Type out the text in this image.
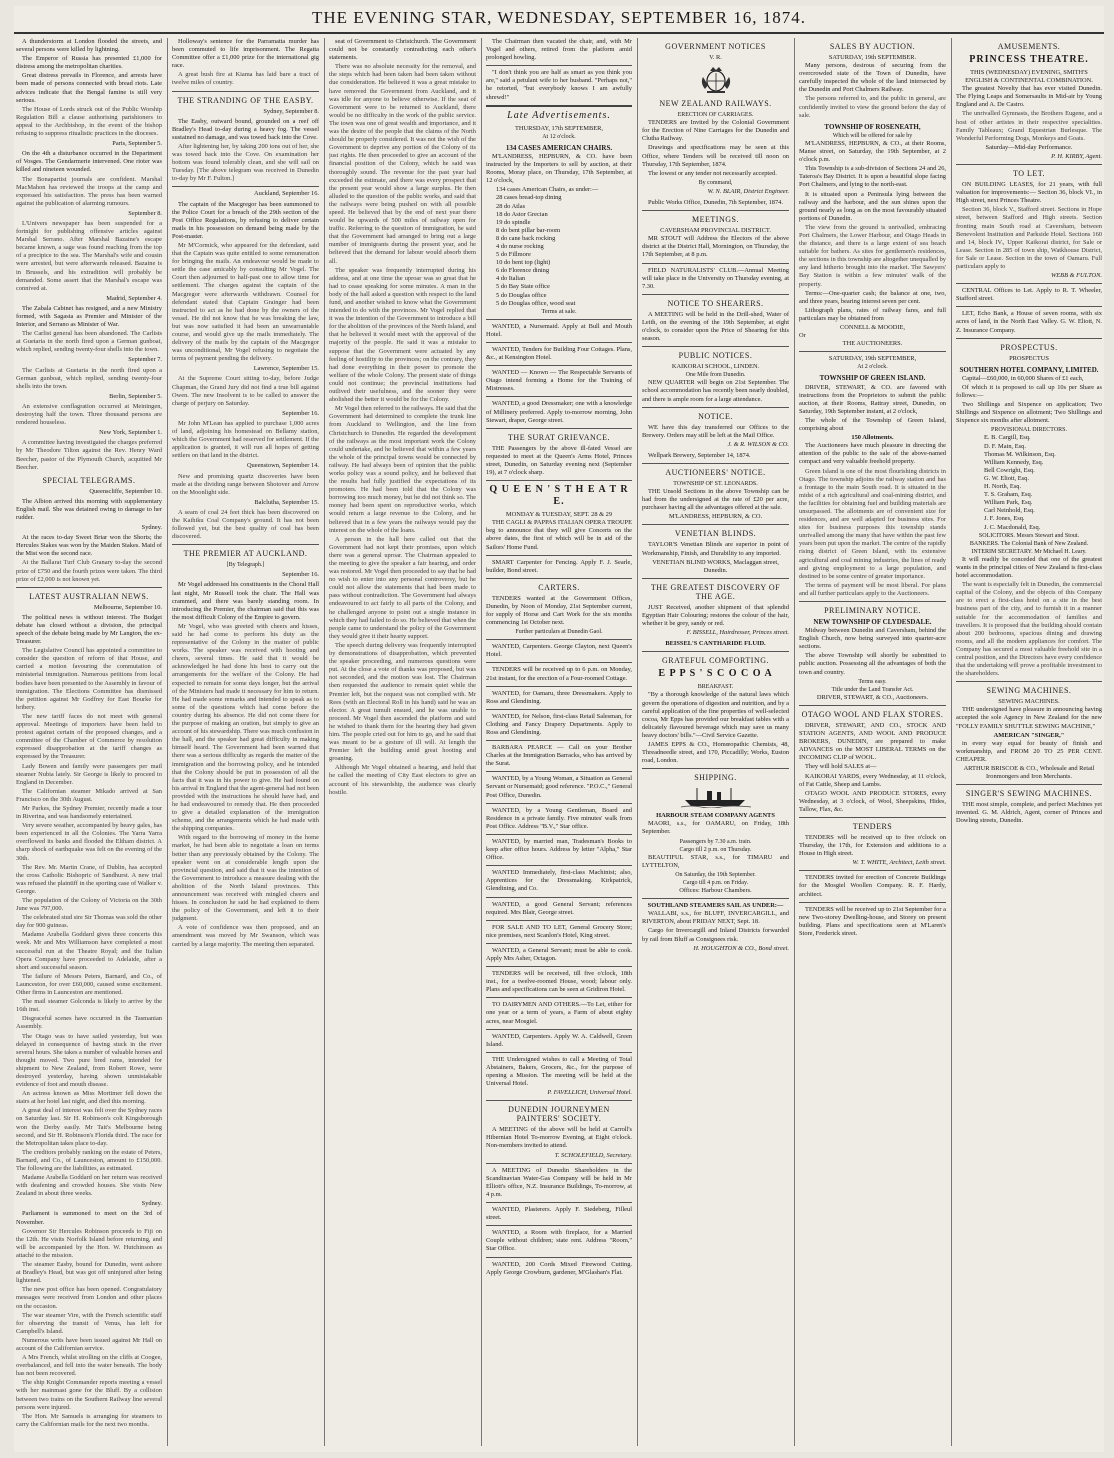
THE EVENING STAR, WEDNESDAY, SEPTEMBER 16, 1874.

A thunderstorm at London flooded the streets, and several persons were killed by lightning.

The Emperor of Russia has presented £1,000 for distress among the metropolitan charities.

Great distress prevails in Florence, and arrests have been made of persons connected with bread riots. Late advices indicate that the Bengal famine is still very serious.

The House of Lords struck out of the Public Worship Regulation Bill a clause authorising parishioners to appeal to the Archbishop, in the event of the bishop refusing to suppress ritualistic practices in the dioceses.

Paris, September 5.

On the 4th a disturbance occurred in the Department of Vosges. The Gendarmerie intervened. One rioter was killed and nineteen wounded.

The Bonapartist journals are confident. Marshal MacMahon has reviewed the troops at the camp and expressed his satisfaction. The press has been warned against the publication of alarming rumours.

September 8.

L'Univers newspaper has been suspended for a fortnight for publishing offensive articles against Marshal Serrano. After Marshal Bazaine's escape became known, a sage was found reaching from the top of a precipice to the sea. The Marshal's wife and cousin were arrested, but were afterwards released. Bazaine is in Brussels, and his extradition will probably be demanded. Some assert that the Marshal's escape was connived at.

Madrid, September 4.

The Zabala Cabinet has resigned, and a new Ministry formed, with Sagasta as Premier and Minister of the Interior, and Serrano as Minister of War.

The Carlist general has been abandoned. The Carlists at Guetaria in the north fired upon a German gunboat, which replied, sending twenty-four shells into the town.

September 7.

The Carlists at Guetaria in the north fired upon a German gunboat, which replied, sending twenty-four shells into the town.

Berlin, September 5.

An extensive conflagration occurred at Meiningen, destroying half the town. Three thousand persons are rendered houseless.

New York, September 1.

A committee having investigated the charges preferred by Mr Theodore Tilton against the Rev. Henry Ward Beecher, pastor of the Plymouth Church, acquitted Mr Beecher.

SPECIAL TELEGRAMS.
Queenscliffe, September 10.

The Albion arrived this morning with supplementary English mail. She was detained owing to damage to her rudder.

Sydney.

At the races to-day Sweet Briar won the Shorts; the Hercules Stakes was won by the Maiden Stakes. Maid of the Mist won the second race.

At the Ballarat Turf Club Granary to-day the second prize of £750 and the fourth prizes were taken. The third prize of £2,000 is not known yet.

LATEST AUSTRALIAN NEWS.
Melbourne, September 10.

The political news is without interest. The Budget debate has closed without a division, the principal speech of the debate being made by Mr Langton, the ex-Treasurer.

The Legislative Council has appointed a committee to consider the question of reform of that House, and carried a motion favouring the commutation of ministerial immigration. Numerous petitions from local bodies have been presented to the Assembly in favour of immigration. The Elections Committee has dismissed the petition against Mr Godfrey for East Bourke for bribery.

The new tariff faces do not meet with general approval. Meetings of importers have been held to protest against certain of the proposed changes, and a committee of the Chamber of Commerce by resolution expressed disapprobation at the tariff changes as expressed by the Treasurer.

Lady Bowen and family were passengers per mail steamer Nubia lately. Sir George is likely to proceed to England in December.

The Californian steamer Mikado arrived at San Francisco on the 30th August.

Mr Parkes, the Sydney Premier, recently made a tour in Riverina, and was handsomely entertained.

Very severe weather, accompanied by heavy gales, has been experienced in all the Colonies. The Yarra Yarra overflowed its banks and flooded the Eltham district. A sharp shock of earthquake was felt on the evening of the 30th.

The Rev. Mr. Martin Crane, of Dublin, has accepted the cross Catholic Bishopric of Sandhurst. A new trial was refused the plaintiff in the sporting case of Walker v. George.

The population of the Colony of Victoria on the 30th June was 797,000.

The celebrated stud sire Sir Thomas was sold the other day for 900 guineas.

Madame Arabella Goddard gives three concerts this week. Mr and Mrs Williamson have completed a most successful run at the Theatre Royal; and the Italian Opera Company have proceeded to Adelaide, after a short and successful season.

The failure of Messrs Peters, Barnard, and Co., of Launceston, for over £60,000, caused some excitement. Other firms in Launceston are mentioned.

The mail steamer Golconda is likely to arrive by the 16th inst.

Disgraceful scenes have occurred in the Tasmanian Assembly.

The Otago was to have sailed yesterday, but was delayed in consequence of having stuck in the river several hours. She takes a number of valuable horses and thought moved. Two pure bred rams, intended for shipment to New Zealand, from Robert Rowe, were destroyed yesterday, having shown unmistakable evidence of foot and mouth disease.

An actress known as Miss Mortimer fell down the stairs at her hotel last night, and died this morning.

A great deal of interest was felt over the Sydney races on Saturday last. Sir H. Robinson's colt Kingsborough won the Derby easily. Mr Tait's Melbourne being second, and Sir H. Robinson's Florida third. The race for the Metropolitan takes place to-day.

The creditors probably ranking on the estate of Peters, Barnard, and Co., of Launceston, amount to £150,000. The following are the liabilities, as estimated.

Madame Arabella Goddard on her return was received with deafening and crowded houses. She visits New Zealand in about three weeks.

Sydney.

Parliament is summoned to meet on the 3rd of November.

Governor Sir Hercules Robinson proceeds to Fiji on the 12th. He visits Norfolk Island before returning, and will be accompanied by the Hon. W. Hutchinson as attaché to the mission.

The steamer Easby, bound for Dunedin, went ashore at Bradley's Head, but was got off uninjured after being lightened.

The new post office has been opened. Congratulatory messages were received from London and other places on the occasion.

The war steamer Vire, with the French scientific staff for observing the transit of Venus, has left for Campbell's Island.

Numerous writs have been issued against Mr Hall on account of the Californian service.

A Mrs French, whilst strolling on the cliffs at Coogee, overbalanced, and fell into the water beneath. The body has not been recovered.

The ship Knight Commander reports meeting a vessel with her mainmast gone for the Bluff. By a collision between two trains on the Southern Railway line several persons were injured.

The Hon. Mr Samuels is arranging for steamers to carry the Californian mails for the next two months.

Holloway's sentence for the Parramatta murder has been commuted to life imprisonment. The Regatta Committee offer a £1,000 prize for the international gig race.

A great bush fire at Kiama has laid bare a tract of twelve miles of country.

THE STRANDING OF THE EASBY.
Sydney, September 8.

The Easby, outward bound, grounded on a reef off Bradley's Head to-day during a heavy fog. The vessel sustained no damage, and was towed back into the Cove.

After lightening her, by taking 200 tons out of her, she was towed back into the Cove. On examination her bottom was found tolerably clean, and she will sail on Tuesday. [The above telegram was received in Dunedin to-day by Mr F. Fulton.]

Auckland, September 16.

The captain of the Macgregor has been summoned to the Police Court for a breach of the 29th section of the Post Office Regulations, by refusing to deliver certain mails in his possession on demand being made by the Post-master.

Mr M'Cormick, who appeared for the defendant, said that the Captain was quite entitled to some remuneration for bringing the mails. An endeavour would be made to settle the case amicably by consulting Mr Vogel. The Court then adjourned to half-past one to allow time for settlement. The charges against the captain of the Macgregor were afterwards withdrawn. Counsel for defendant stated that Captain Grainger had been instructed to act as he had done by the owners of the vessel. He did not know that he was breaking the law, but was now satisfied it had been an unwarrantable course, and would give up the mails immediately. The delivery of the mails by the captain of the Macgregor was unconditional, Mr Vogel refusing to negotiate the terms of payment pending the delivery.

Lawrence, September 15.

At the Supreme Court sitting to-day, before Judge Chapman, the Grand Jury did not find a true bill against Owen. The new Insolvent is to be called to answer the charge of perjury on Saturday.

September 16.

Mr John M'Lean has applied to purchase 1,000 acres of land, adjoining his homestead on Bellamy station, which the Government had reserved for settlement. If the application is granted, it will run all hopes of getting settlers on that land in the district.

Queenstown, September 14.

New and promising quartz discoveries have been made at the dividing range between Shotover and Arrow on the Moonlight side.

Balclutha, September 15.

A seam of coal 24 feet thick has been discovered on the Kaihiku Coal Company's ground. It has not been followed yet, but the best quality of coal has been discovered.

THE PREMIER AT AUCKLAND.
[By Telegraph.]
September 16.

Mr Vogel addressed his constituents in the Choral Hall last night, Mr Russell took the chair. The Hall was crammed, and there was barely standing room. In introducing the Premier, the chairman said that this was the most difficult Colony of the Empire to govern.

Mr Vogel, who was greeted with cheers and hisses, said he had come to perform his duty as the representative of the Colony in the matter of public works. The speaker was received with hooting and cheers, several times. He said that it would be acknowledged he had done his best to carry out the arrangements for the welfare of the Colony. He had expected to remain for some days longer, but the arrival of the Ministers had made it necessary for him to return. He had made some remarks and intended to speak as to some of the questions which had come before the country during his absence. He did not come there for the purpose of making an oration, but simply to give an account of his stewardship. There was much confusion in the hall, and the speaker had great difficulty in making himself heard. The Government had been warned that there was a serious difficulty as regards the matter of the immigration and the borrowing policy, and he intended that the Colony should be put in possession of all the facts that it was in his power to give. He had found on his arrival in England that the agent-general had not been provided with the instructions he should have had, and he had endeavoured to remedy that. He then proceeded to give a detailed explanation of the immigration scheme, and the arrangements which he had made with the shipping companies.

With regard to the borrowing of money in the home market, he had been able to negotiate a loan on terms better than any previously obtained by the Colony. The speaker went on at considerable length upon the provincial question, and said that it was the intention of the Government to introduce a measure dealing with the abolition of the North Island provinces. This announcement was received with mingled cheers and hisses. In conclusion he said he had explained to them the policy of the Government, and left it to their judgment.

A vote of confidence was then proposed, and an amendment was moved by Mr Swanson, which was carried by a large majority. The meeting then separated.

seat of Government to Christchurch. The Government could not be constantly contradicting each other's statements.

There was no absolute necessity for the removal, and the steps which had been taken had been taken without due consideration. He believed it was a great mistake to have removed the Government from Auckland, and it was idle for anyone to believe otherwise. If the seat of Government were to be returned to Auckland, there would be no difficulty in the work of the public service. The town was one of great wealth and importance, and it was the desire of the people that the claims of the North should be properly considered. It was not the wish of the Government to deprive any portion of the Colony of its just rights. He then proceeded to give an account of the financial position of the Colony, which he said was thoroughly sound. The revenue for the past year had exceeded the estimate, and there was every prospect that the present year would show a large surplus. He then alluded to the question of the public works, and said that the railways were being pushed on with all possible speed. He believed that by the end of next year there would be upwards of 500 miles of railway open for traffic. Referring to the question of immigration, he said that the Government had arranged to bring out a large number of immigrants during the present year, and he believed that the demand for labour would absorb them all.

The speaker was frequently interrupted during his address, and at one time the uproar was so great that he had to cease speaking for some minutes. A man in the body of the hall asked a question with respect to the land fund, and another wished to know what the Government intended to do with the provinces. Mr Vogel replied that it was the intention of the Government to introduce a bill for the abolition of the provinces of the North Island, and that he believed it would meet with the approval of the majority of the people. He said it was a mistake to suppose that the Government were actuated by any feeling of hostility to the provinces; on the contrary, they had done everything in their power to promote the welfare of the whole Colony. The present state of things could not continue; the provincial institutions had outlived their usefulness, and the sooner they were abolished the better it would be for the Colony.

Mr Vogel then referred to the railways. He said that the Government had determined to complete the trunk line from Auckland to Wellington, and the line from Christchurch to Dunedin. He regarded the development of the railways as the most important work the Colony could undertake, and he believed that within a few years the whole of the principal towns would be connected by railway. He had always been of opinion that the public works policy was a sound policy, and he believed that the results had fully justified the expectations of its promoters. He had been told that the Colony was borrowing too much money, but he did not think so. The money had been spent on reproductive works, which would return a large revenue to the Colony, and he believed that in a few years the railways would pay the interest on the whole of the loans.

A person in the hall here called out that the Government had not kept their promises, upon which there was a general uproar. The Chairman appealed to the meeting to give the speaker a fair hearing, and order was restored. Mr Vogel then proceeded to say that he had no wish to enter into any personal controversy, but he could not allow the statements that had been made to pass without contradiction. The Government had always endeavoured to act fairly to all parts of the Colony, and he challenged anyone to point out a single instance in which they had failed to do so. He believed that when the people came to understand the policy of the Government they would give it their hearty support.

The speech during delivery was frequently interrupted by demonstrations of disapprobation, which prevented the speaker proceeding, and numerous questions were put. At the close a vote of thanks was proposed, but was not seconded, and the motion was lost. The Chairman then requested the audience to remain quiet while the Premier left, but the request was not complied with. Mr Rees (with an Electoral Roll in his hand) said he was an elector. A great tumult ensued, and he was unable to proceed. Mr Vogel then ascended the platform and said he wished to thank them for the hearing they had given him. The people cried out for him to go, and he said that was meant to be a gesture of ill will. At length the Premier left the building amid great hooting and groaning.

Although Mr Vogel obtained a hearing, and held that he called the meeting of City East electors to give an account of his stewardship, the audience was clearly hostile.

The Chairman then vacated the chair, and, with Mr Vogel and others, retired from the platform amid prolonged howling.

"I don't think you are half as smart as you think you are," said a petulant wife to her husband. "Perhaps not," he retorted, "but everybody knows I am awfully shrewd!"

Late Advertisements.
THURSDAY, 17th SEPTEMBER,
At 12 o'clock.
134 CASES AMERICAN CHAIRS.

M'LANDRESS, HEPBURN, & CO. have been instructed by the Importers to sell by auction, at their Rooms, Moray place, on Thursday, 17th September, at 12 o'clock,

134 cases American Chairs, as under:—
28 cases bread-top dining
28 do Atlas
18 do Astor Grecian
19 do spindle
8 do bent pillar bar-room
8 do cane back rocking
4 do nurse rocking
5 do Fillmore
10 do bent top (light)
6 do Florence dining
4 do Italian
5 do Bay State office
5 do Douglas office
5 do Douglas office, wood seat
Terms at sale.

WANTED, a Nursemaid. Apply at Bull and Mouth Hotel.

WANTED, Tenders for Building Four Cottages. Plans, &c., at Kensington Hotel.

WANTED — Known — The Respectable Servants of Otago intend forming a Home for the Training of Mistresses.

WANTED, a good Dressmaker; one with a knowledge of Millinery preferred. Apply to-morrow morning, John Stewart, draper, George street.

THE SURAT GRIEVANCE.

THE Passengers by the above ill-fated Vessel are requested to meet at the Queen's Arms Hotel, Princes street, Dunedin, on Saturday evening next (September 19), at 7 o'clock sharp.

Q U E E N ' S T H E A T R E.
MONDAY & TUESDAY, SEPT. 28 & 29

THE CAGLI & PAPPAS ITALIAN OPERA TROUPE beg to announce that they will give Concerts on the above dates, the first of which will be in aid of the Sailors' Home Fund.

SMART Carpenter for Fencing. Apply F. J. Searle, builder, Bond street.

CARTERS.

TENDERS wanted at the Government Offices, Dunedin, by Noon of Monday, 21st September current, for supply of Horse and Cart Work for the six months commencing 1st October next.

Further particulars at Dunedin Gaol.

WANTED, Carpenters. George Clayton, next Queen's Hotel.

TENDERS will be received up to 6 p.m. on Monday, 21st instant, for the erection of a Four-roomed Cottage.

WANTED, for Oamaru, three Dressmakers. Apply to Ross and Glendining.

WANTED, for Nelson, first-class Retail Salesman, for Clothing and Fancy Drapery Departments. Apply to Ross and Glendining.

BARBARA PEARCE — Call on your Brother Charles at the Immigration Barracks, who has arrived by the Surat.

WANTED, by a Young Woman, a Situation as General Servant or Nursemaid; good reference. "P.O.C.," General Post Office, Dunedin.

WANTED, by a Young Gentleman, Board and Residence in a private family. Five minutes' walk from Post Office. Address "B.V.," Star office.

WANTED, by married man, Tradesman's Books to keep after office hours. Address by letter "Alpha," Star Office.

WANTED Immediately, first-class Machinist; also, Apprentices for the Dressmaking. Kirkpatrick, Glendining, and Co.

WANTED, a good General Servant; references required. Mrs Blair, George street.

FOR SALE AND TO LET, General Grocery Store; nice premises, next Scanlon's Hotel, King street.

WANTED, a General Servant; must be able to cook. Apply Mrs Asher, Octagon.

TENDERS will be received, till five o'clock, 18th inst., for a twelve-roomed House, wood; labour only. Plans and specifications can be seen at Gridiron Hotel.

TO DAIRYMEN AND OTHERS.—To Let, either for one year or a term of years, a Farm of about eighty acres, near Mosgiel.

WANTED, Carpenters. Apply W. A. Caldwell, Green Island.

THE Undersigned wishes to call a Meeting of Total Abstainers, Bakers, Grocers, &c., for the purpose of opening a Mission. The meeting will be held at the Universal Hotel.

P. FAVELLICH, Universal Hotel.
DUNEDIN JOURNEYMEN PAINTERS' SOCIETY.

A MEETING of the above will be held at Carroll's Hibernian Hotel To-morrow Evening, at Eight o'clock. Non-members invited to attend.

T. SCHOLEFIELD, Secretary.

A MEETING of Dunedin Shareholders in the Scandinavian Water-Gas Company will be held in Mr Elliott's office, N.Z. Insurance Buildings, To-morrow, at 4 p.m.

WANTED, Plasterers. Apply F. Siedeberg, Filleul street.

WANTED, a Room with fireplace, for a Married Couple without children; state rent. Address "Room," Star Office.

WANTED, 200 Cords Mixed Firewood Cutting. Apply George Crowburn, gardener, M'Glashan's Flat.

GOVERNMENT NOTICES
V. R.
NEW ZEALAND RAILWAYS.
ERECTION OF CARRIAGES.

TENDERS are Invited by the Colonial Government for the Erection of Nine Carriages for the Dunedin and Clutha Railway.

Drawings and specifications may be seen at this Office, where Tenders will be received till noon on Thursday, 17th September, 1874.

The lowest or any tender not necessarily accepted.

By command,
W. N. BLAIR, District Engineer.

Public Works Office, Dunedin, 7th September, 1874.

MEETINGS.
CAVERSHAM PROVINCIAL DISTRICT.

MR STOUT will Address the Electors of the above district at the District Hall, Mornington, on Thursday, the 17th September, at 8 p.m.

FIELD NATURALISTS' CLUB.—Annual Meeting will take place in the University on Thursday evening, at 7.30.

NOTICE TO SHEARERS.

A MEETING will be held in the Drill-shed, Water of Leith, on the evening of the 19th September, at eight o'clock, to consider upon the Price of Shearing for this season.

PUBLIC NOTICES.
KAIKORAI SCHOOL, LINDEN.
One Mile from Dunedin.

NEW QUARTER will begin on 21st September. The school accommodation has recently been nearly doubled, and there is ample room for a large attendance.

NOTICE.

WE have this day transferred our Offices to the Brewery. Orders may still be left at the Mail Office.

J. & R. WILSON & CO.

Wellpark Brewery, September 14, 1874.

AUCTIONEERS' NOTICE.
TOWNSHIP OF ST. LEONARDS.

THE Unsold Sections in the above Township can be had from the undersigned at the rate of £20 per acre, purchaser having all the advantages offered at the sale.

M'LANDRESS, HEPBURN, & CO.
VENETIAN BLINDS.

TAYLOR'S Venetian Blinds are superior in point of Workmanship, Finish, and Durability to any imported.

VENETIAN BLIND WORKS, Maclaggan street, Dunedin.
THE GREATEST DISCOVERY OF THE AGE.

JUST Received, another shipment of that splendid Egyptian Hair Colouring; restores the colour of the hair, whether it be grey, sandy or red.

F. BISSELL, Hairdresser, Princes street.
BEISSEL'S CANTHARIDE FLUID.
GRATEFUL COMFORTING.
E P P S ' S C O C O A
BREAKFAST.

"By a thorough knowledge of the natural laws which govern the operations of digestion and nutrition, and by a careful application of the fine properties of well-selected cocoa, Mr Epps has provided our breakfast tables with a delicately flavoured beverage which may save us many heavy doctors' bills."—Civil Service Gazette.

JAMES EPPS & CO., Homœopathic Chemists, 48, Threadneedle street, and 170, Piccadilly; Works, Euston road, London.

SHIPPING.
HARBOUR STEAM COMPANY AGENTS

MAORI, s.s., for OAMARU, on Friday, 18th September.

Passengers by 7.30 a.m. train.
Cargo till 2 p.m. on Thursday.

BEAUTIFUL STAR, s.s., for TIMARU and LYTTELTON,

On Saturday, the 19th September.
Cargo till 4 p.m. on Friday.
Offices: Harbour Chambers.
SOUTHLAND STEAMERS SAIL AS UNDER:—

WALLABI, s.s., for BLUFF, INVERCARGILL, and RIVERTON, about FRIDAY NEXT, Sept. 18.

Cargo for Invercargill and Inland Districts forwarded by rail from Bluff as Consignees risk.

H. HOUGHTON & CO., Bond street.
SALES BY AUCTION.
SATURDAY, 19th SEPTEMBER.

Many persons, desirous of securing from the overcrowded state of the Town of Dunedin, have carefully inspected the whole of the land intersected by the Dunedin and Port Chalmers Railway.

The persons referred to, and the public in general, are confidently invited to view the ground before the day of sale.

TOWNSHIP OF ROSENEATH,
Which will be offered for sale by

M'LANDRESS, HEPBURN, & CO., at their Rooms, Manse street, on Saturday, the 19th September, at 2 o'clock p.m.

This Township is a sub-division of Sections 24 and 26, Taieroa's Bay District. It is upon a beautiful slope facing Port Chalmers, and lying to the north-east.

It is situated upon a Peninsula lying between the railway and the harbour, and the sun shines upon the ground nearly as long as on the most favourably situated portions of Dunedin.

The view from the ground is unrivalled, embracing Port Chalmers, the Lower Harbour, and Otago Heads in the distance, and there is a large extent of sea beach suitable for bathers. As sites for gentlemen's residences, the sections in this township are altogether unequalled by any land hitherto brought into the market. The Sawyers' Bay Station is within a few minutes' walk of the property.

Terms:—One-quarter cash; the balance at one, two, and three years, bearing interest seven per cent.

Lithograph plans, rates of railway fares, and full particulars may be obtained from

CONNELL & MOODIE,
Or
THE AUCTIONEERS.
SATURDAY, 19th SEPTEMBER,
At 2 o'clock.
TOWNSHIP OF GREEN ISLAND.

DRIVER, STEWART, & CO. are favored with instructions from the Proprietors to submit the public auction, at their Rooms, Rattray street, Dunedin, on Saturday, 19th September instant, at 2 o'clock,

The whole of the Township of Green Island, comprising about

150 Allotments.

The Auctioneers have much pleasure in directing the attention of the public to the sale of the above-named compact and very valuable freehold property.

Green Island is one of the most flourishing districts in Otago. The township adjoins the railway station and has a frontage to the main South road. It is situated in the midst of a rich agricultural and coal-mining district, and the facilities for obtaining fuel and building materials are unsurpassed. The allotments are of convenient size for residences, and are well adapted for business sites. For sites for business purposes this township stands unrivalled among the many that have within the past few years been put upon the market. The centre of the rapidly rising district of Green Island, with its extensive agricultural and coal mining industries, the lines of ready and giving employment to a large population, and destined to be some centre of greater importance.

The terms of payment will be most liberal. For plans and all further particulars apply to the Auctioneers.

PRELIMINARY NOTICE.
NEW TOWNSHIP OF CLYDESDALE.

Midway between Dunedin and Caversham, behind the English Church, now being surveyed into quarter-acre sections.

The above Township will shortly be submitted to public auction. Possessing all the advantages of both the town and country.

Terms easy.
Title under the Land Transfer Act.
DRIVER, STEWART, & CO., Auctioneers.
OTAGO WOOL AND FLAX STORES.

DRIVER, STEWART, AND CO., STOCK AND STATION AGENTS, AND WOOL AND PRODUCE BROKERS, DUNEDIN, are prepared to make ADVANCES on the MOST LIBERAL TERMS on the INCOMING CLIP of WOOL.

They will hold SALES at—

KAIKORAI YARDS, every Wednesday, at 11 o'clock, of Fat Cattle, Sheep and Lambs.

OTAGO WOOL AND PRODUCE STORES, every Wednesday, at 3 o'clock, of Wool, Sheepskins, Hides, Tallow, Flax, &c.

TENDERS

TENDERS will be received up to five o'clock on Thursday, the 17th, for Extension and additions to a House in High street.

W. T. WHITE, Architect, Leith street.

TENDERS invited for erection of Concrete Buildings for the Mosgiel Woollen Company. R. F. Hardy, architect.

TENDERS will be received up to 21st September for a new Two-storey Dwelling-house, and Storey on present building. Plans and specifications seen at M'Laren's Store, Frederick street.

AMUSEMENTS.
PRINCESS THEATRE.
THIS (WEDNESDAY) EVENING, SMITH'S ENGLISH & CONTINENTAL COMBINATION.

The greatest Novelty that has ever visited Dunedin. The Flying Leaps and Somersaults in Mid-air by Young England and A. De Castro.

The unrivalled Gymnasts, the Brothers Eugene, and a host of other artistes in their respective specialities. Family Tableaux; Grand Equestrian Burlesque. The Wonderful Performing Dogs, Monkeys and Goats.

Saturday—Mid-day Performance.
P. H. KIRBY, Agent.
TO LET.

ON BUILDING LEASES, for 21 years, with full valuation for improvements:— Section 36, block VI., in High street, next Princes Theatre.

Section 36, block V., Stafford street. Sections in Hope street, between Stafford and High streets. Section fronting main South road at Caversham, between Benevolent Institution and Parkside Hotel. Sections 160 and 14, block IV., Upper Kaikorai district, for Sale or Lease. Section in 285 of town ship, Watkhouse District, for Sale or Lease. Section in the town of Oamaru. Full particulars apply to

WEBB & FULTON.

CENTRAL Offices to Let. Apply to R. T. Wheeler, Stafford street.

LET, Echo Bank, a House of seven rooms, with six acres of land, in the North East Valley. G. W. Eliott, N. Z. Insurance Company.

PROSPECTUS.
PROSPECTUS
SOUTHERN HOTEL COMPANY, LIMITED.

Capital—£60,000, in 60,000 Shares of £1 each,

Of which it is proposed to call up 10s per Share as follows:—

Two Shillings and Sixpence on application; Two Shillings and Sixpence on allotment; Two Shillings and Sixpence six months after allotment.

PROVISIONAL DIRECTORS.
E. B. Cargill, Esq.
D. F. Main, Esq.
Thomas M. Wilkinson, Esq.
William Kennedy, Esq.
Bell Cowright, Esq.
G. W. Eliott, Esq.
H. North, Esq.
T. S. Graham, Esq.
William Park, Esq.
Carl Neinhold, Esq.
J. F. Jones, Esq.
J. C. Macdonald, Esq.
SOLICITORS. Messrs Stewart and Stout.
BANKERS. The Colonial Bank of New Zealand.
INTERIM SECRETARY. Mr Michael H. Leary.

It will readily be conceded that one of the greatest wants in the principal cities of New Zealand is first-class hotel accommodation.

The want is especially felt in Dunedin, the commercial capital of the Colony, and the objects of this Company are to erect a first-class hotel on a site in the best business part of the city, and to furnish it in a manner suitable for the accommodation of families and travellers. It is proposed that the building should contain about 200 bedrooms, spacious dining and drawing rooms, and all the modern appliances for comfort. The Company has secured a most valuable freehold site in a central position, and the Directors have every confidence that the undertaking will prove a profitable investment to the shareholders.

SEWING MACHINES.
SEWING MACHINES.

THE undersigned have pleasure in announcing having accepted the sole Agency in New Zealand for the new "FOLLY FAMILY SHUTTLE SEWING MACHINE,"

AMERICAN "SINGER,"

in every way equal for beauty of finish and workmanship, and FROM 20 TO 25 PER CENT. CHEAPER.

ARTHUR BRISCOE & CO., Wholesale and Retail Ironmongers and Iron Merchants.
SINGER'S SEWING MACHINES.

THE most simple, complete, and perfect Machines yet invented. G. M. Aldrich, Agent, corner of Princes and Dowling streets, Dunedin.
